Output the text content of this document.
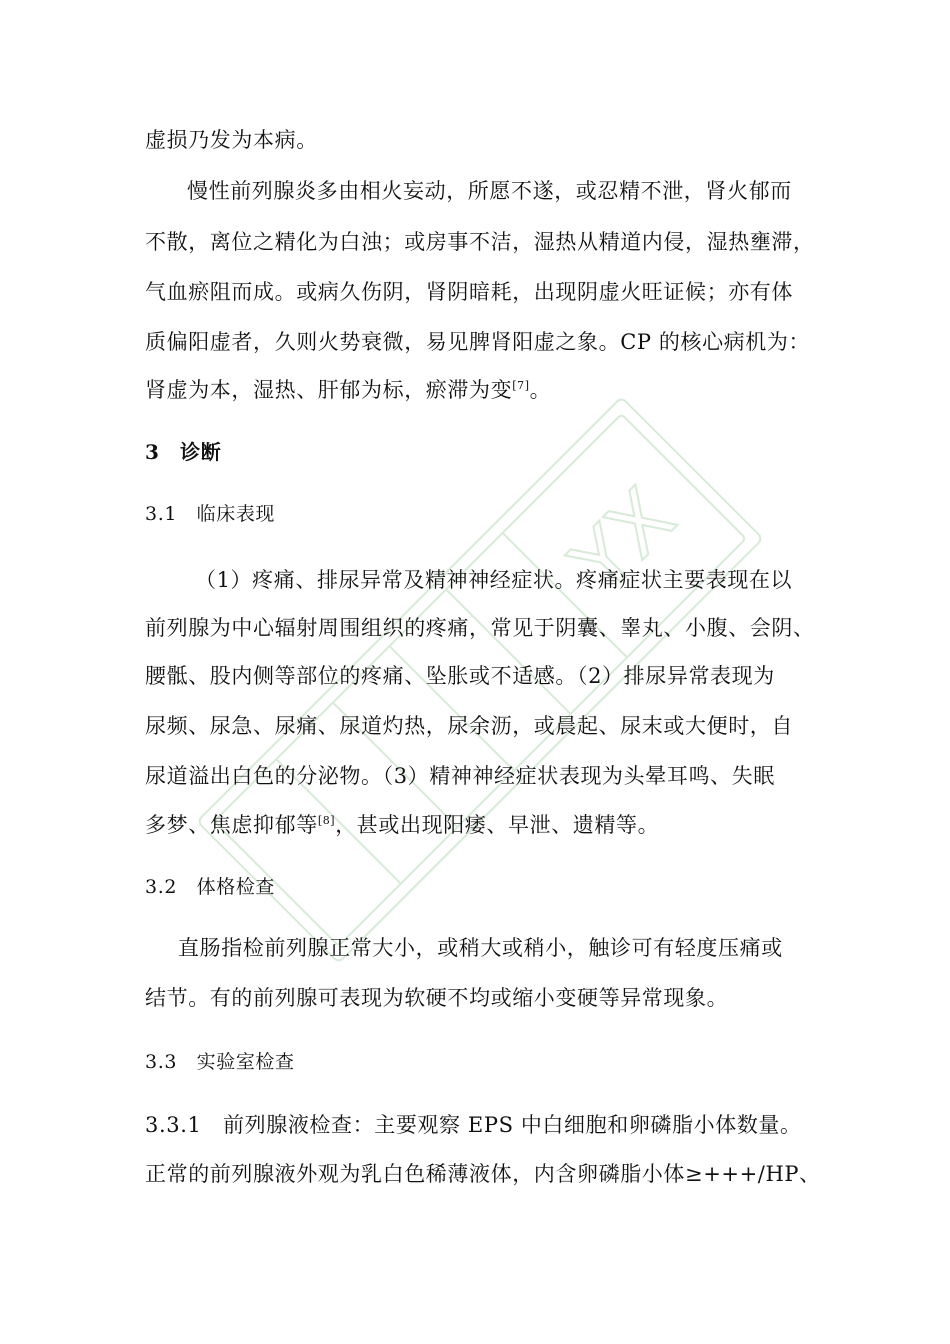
YX
虚损乃发为本病。
慢性前列腺炎多由相火妄动，所愿不遂，或忍精不泄，肾火郁而
不散，离位之精化为白浊；或房事不洁，湿热从精道内侵，湿热壅滞，
气血瘀阻而成。或病久伤阴，肾阴暗耗，出现阴虚火旺证候；亦有体
质偏阳虚者，久则火势衰微，易见脾肾阳虚之象。CP 的核心病机为：
肾虚为本，湿热、肝郁为标，瘀滞为变[7]。
3　诊断
3.1　临床表现
（1）疼痛、排尿异常及精神神经症状。疼痛症状主要表现在以
前列腺为中心辐射周围组织的疼痛，常见于阴囊、睾丸、小腹、会阴、
腰骶、股内侧等部位的疼痛、坠胀或不适感。（2）排尿异常表现为
尿频、尿急、尿痛、尿道灼热，尿余沥，或晨起、尿末或大便时，自
尿道溢出白色的分泌物。（3）精神神经症状表现为头晕耳鸣、失眠
多梦、焦虑抑郁等[8]，甚或出现阳痿、早泄、遗精等。
3.2　体格检查
直肠指检前列腺正常大小，或稍大或稍小，触诊可有轻度压痛或
结节。有的前列腺可表现为软硬不均或缩小变硬等异常现象。
3.3　实验室检查
3.3.1　前列腺液检查：主要观察 EPS 中白细胞和卵磷脂小体数量。
正常的前列腺液外观为乳白色稀薄液体，内含卵磷脂小体≥+++/HP、
